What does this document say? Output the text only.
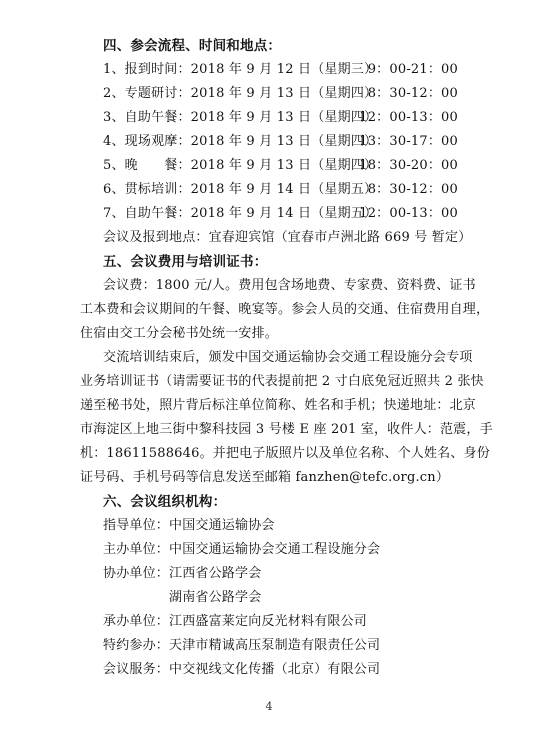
四、参会流程、时间和地点：
1、报到时间：2018 年 9 月 12 日（星期三）
9：00-21：00
2、专题研讨：2018 年 9 月 13 日（星期四）
8：30-12：00
3、自助午餐：2018 年 9 月 13 日（星期四）
12：00-13：00
4、现场观摩：2018 年 9 月 13 日（星期四）
13：30-17：00
5、晚　　餐：2018 年 9 月 13 日（星期四）
18：30-20：00
6、贯标培训：2018 年 9 月 14 日（星期五）
8：30-12：00
7、自助午餐：2018 年 9 月 14 日（星期五）
12：00-13：00
会议及报到地点：宜春迎宾馆（宜春市卢洲北路 669 号 暂定）
五、会议费用与培训证书：
会议费：1800 元/人。费用包含场地费、专家费、资料费、证书
工本费和会议期间的午餐、晚宴等。参会人员的交通、住宿费用自理，
住宿由交工分会秘书处统一安排。
交流培训结束后，颁发中国交通运输协会交通工程设施分会专项
业务培训证书（请需要证书的代表提前把 2 寸白底免冠近照共 2 张快
递至秘书处，照片背后标注单位简称、姓名和手机；快递地址：北京
市海淀区上地三街中黎科技园 3 号楼 E 座 201 室，收件人：范震，手
机：18611588646。并把电子版照片以及单位名称、个人姓名、身份
证号码、手机号码等信息发送至邮箱 fanzhen@tefc.org.cn）
六、会议组织机构：
指导单位： 中国交通运输协会
主办单位： 中国交通运输协会交通工程设施分会
协办单位： 江西省公路学会
湖南省公路学会
承办单位： 江西盛富莱定向反光材料有限公司
特约参办： 天津市精诚高压泵制造有限责任公司
会议服务： 中交视线文化传播（北京）有限公司
4
